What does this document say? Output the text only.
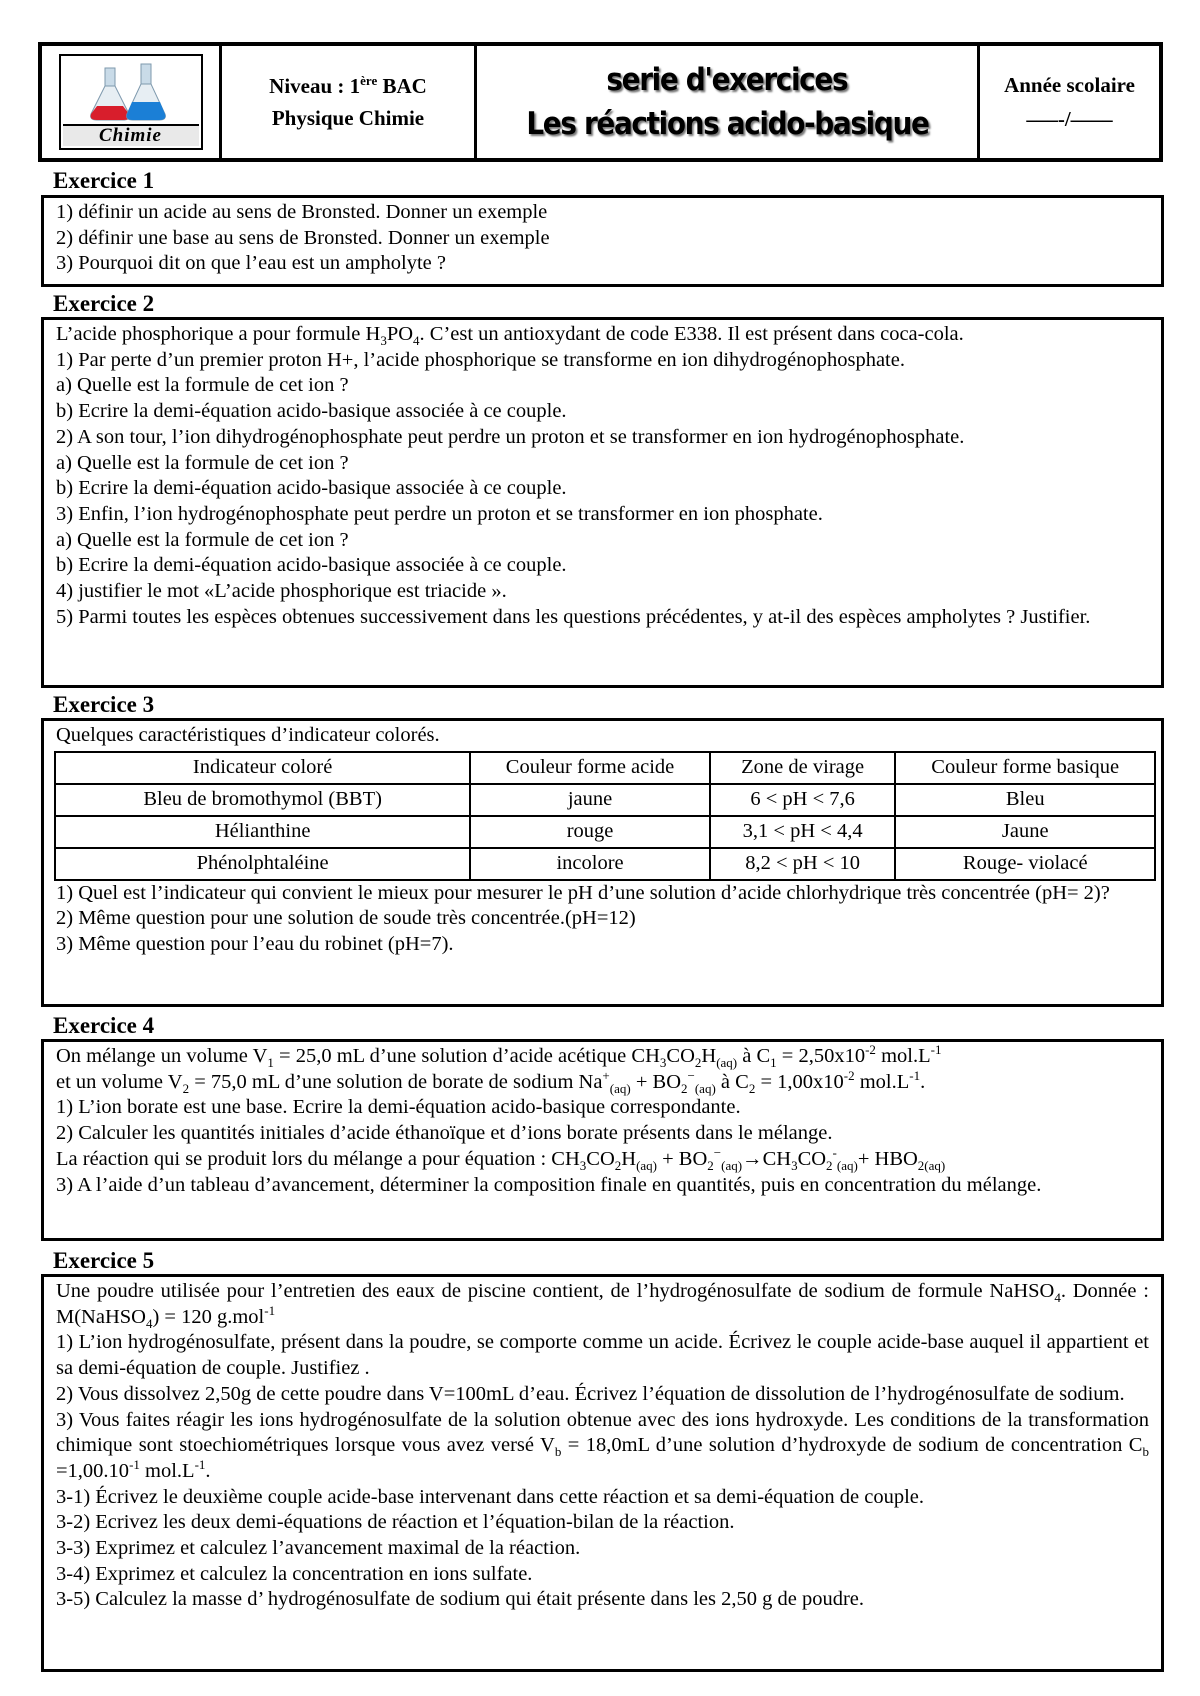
Chimie
Niveau : 1ère BAC
Physique Chimie
serie d'exercices
Les réactions acido-basique
Année scolaire
–––-/––––
Exercice 1

1) définir un acide au sens de Bronsted. Donner un exemple

2) définir une base au sens de Bronsted. Donner un exemple

3) Pourquoi dit on que l’eau est un ampholyte ?

Exercice 2

L’acide phosphorique a pour formule $H_3PO_4$. C’est un antioxydant de code E338. Il est présent dans coca-cola.

1) Par perte d’un premier proton H+, l’acide phosphorique se transforme en ion dihydrogénophosphate.

a) Quelle est la formule de cet ion ?

b) Ecrire la demi-équation acido-basique associée à ce couple.

2) A son tour, l’ion dihydrogénophosphate peut perdre un proton et se transformer en ion hydrogénophosphate.

a) Quelle est la formule de cet ion ?

b) Ecrire la demi-équation acido-basique associée à ce couple.

3) Enfin, l’ion hydrogénophosphate peut perdre un proton et se transformer en ion phosphate.

a) Quelle est la formule de cet ion ?

b) Ecrire la demi-équation acido-basique associée à ce couple.

4) justifier le mot «L’acide phosphorique est triacide ».

5) Parmi toutes les espèces obtenues successivement dans les questions précédentes, y at-il des espèces ampholytes ? Justifier.

Exercice 3

Quelques caractéristiques d’indicateur colorés.

Indicateur coloré	Couleur forme acide	Zone de virage	Couleur forme basique
Bleu de bromothymol (BBT)	jaune	6 < pH < 7,6	Bleu
Hélianthine	rouge	3,1 < pH < 4,4	Jaune
Phénolphtaléine	incolore	8,2 < pH < 10	Rouge- violacé

1) Quel est l’indicateur qui convient le mieux pour mesurer le pH d’une solution d’acide chlorhydrique très concentrée (pH= 2)?

2) Même question pour une solution de soude très concentrée.(pH=12)

3) Même question pour l’eau du robinet (pH=7).

Exercice 4

On mélange un volume $V_1 = 25,0$ mL d’une solution d’acide acétique $CH_3CO_2H_{(aq)}$ à $C_1 = 2,50x10^{-2}$ $mol.L^{-1}$

et un volume $V_2 = 75,0$ mL d’une solution de borate de sodium $Na^+_{(aq)} + BO_2^-_{(aq)}$ à $C_2 = 1,00x10^{-2}$ $mol.L^{-1}$.

1) L’ion borate est une base. Ecrire la demi-équation acido-basique correspondante.

2) Calculer les quantités initiales d’acide éthanoïque et d’ions borate présents dans le mélange.

La réaction qui se produit lors du mélange a pour équation : $CH_3CO_2H_{(aq)} + BO_2^-_{(aq)}\to CH_3CO_2^-_{(aq)}+ HBO_{2(aq)}$

3) A l’aide d’un tableau d’avancement, déterminer la composition finale en quantités, puis en concentration du mélange.

Exercice 5

Une poudre utilisée pour l’entretien des eaux de piscine contient, de l’hydrogénosulfate de sodium de formule NaHSO$_4$. Donnée : M(NaHSO$_4$) = 120 g.mol$^{-1}$

1) L’ion hydrogénosulfate, présent dans la poudre, se comporte comme un acide. Écrivez le couple acide-base auquel il appartient et sa demi-équation de couple. Justifiez .

2) Vous dissolvez 2,50g de cette poudre dans V=100mL d’eau. Écrivez l’équation de dissolution de l’hydrogénosulfate de sodium.

3) Vous faites réagir les ions hydrogénosulfate de la solution obtenue avec des ions hydroxyde. Les conditions de la transformation chimique sont stoechiométriques lorsque vous avez versé $V_b = 18,0mL$ d’une solution d’hydroxyde de sodium de concentration $C_b =1,00.10^{-1}$ $mol.L^{-1}$.

3-1) Écrivez le deuxième couple acide-base intervenant dans cette réaction et sa demi-équation de couple.

3-2) Ecrivez les deux demi-équations de réaction et l’équation-bilan de la réaction.

3-3) Exprimez et calculez l’avancement maximal de la réaction.

3-4) Exprimez et calculez la concentration en ions sulfate.

3-5) Calculez la masse d’ hydrogénosulfate de sodium qui était présente dans les 2,50 g de poudre.
